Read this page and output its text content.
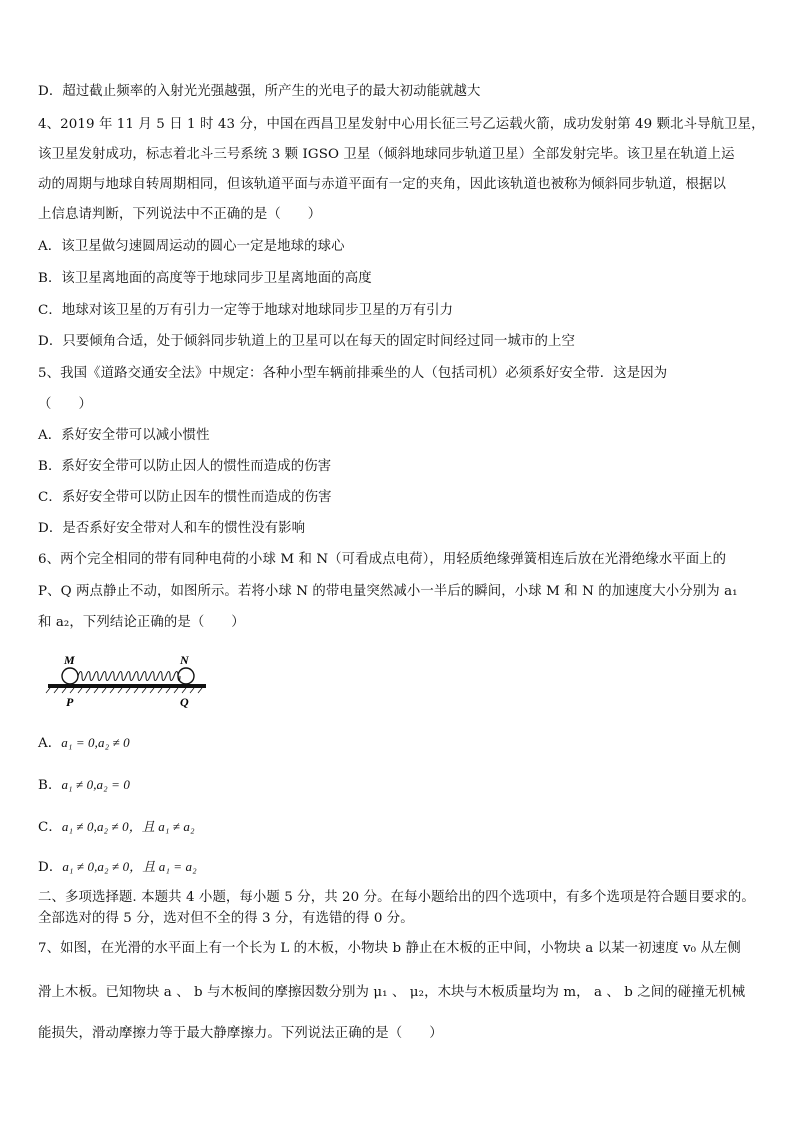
D．超过截止频率的入射光光强越强，所产生的光电子的最大初动能就越大
4、2019 年 11 月 5 日 1 时 43 分，中国在西昌卫星发射中心用长征三号乙运载火箭，成功发射第 49 颗北斗导航卫星，
该卫星发射成功，标志着北斗三号系统 3 颗 IGSO 卫星（倾斜地球同步轨道卫星）全部发射完毕。该卫星在轨道上运
动的周期与地球自转周期相同，但该轨道平面与赤道平面有一定的夹角，因此该轨道也被称为倾斜同步轨道，根据以
上信息请判断，下列说法中不正确的是（　　）
A．该卫星做匀速圆周运动的圆心一定是地球的球心
B．该卫星离地面的高度等于地球同步卫星离地面的高度
C．地球对该卫星的万有引力一定等于地球对地球同步卫星的万有引力
D．只要倾角合适，处于倾斜同步轨道上的卫星可以在每天的固定时间经过同一城市的上空
5、我国《道路交通安全法》中规定：各种小型车辆前排乘坐的人（包括司机）必须系好安全带．这是因为
（　　）
A．系好安全带可以减小惯性
B．系好安全带可以防止因人的惯性而造成的伤害
C．系好安全带可以防止因车的惯性而造成的伤害
D．是否系好安全带对人和车的惯性没有影响
6、两个完全相同的带有同种电荷的小球 M 和 N（可看成点电荷），用轻质绝缘弹簧相连后放在光滑绝缘水平面上的
P、Q 两点静止不动，如图所示。若将小球 N 的带电量突然减小一半后的瞬间，小球 M 和 N 的加速度大小分别为 a₁
和 a₂，下列结论正确的是（　　）
M	N
P	Q
A．a₁ = 0,a₂ ≠ 0
B．a₁ ≠ 0,a₂ = 0
C．a₁ ≠ 0,a₂ ≠ 0，且 a₁ ≠ a₂
D．a₁ ≠ 0,a₂ ≠ 0，且 a₁ = a₂
二、多项选择题. 本题共 4 小题，每小题 5 分，共 20 分。在每小题给出的四个选项中，有多个选项是符合题目要求的。
全部选对的得 5 分，选对但不全的得 3 分，有选错的得 0 分。
7、如图，在光滑的水平面上有一个长为 L 的木板，小物块 b 静止在木板的正中间，小物块 a 以某一初速度 v₀ 从左侧
滑上木板。已知物块 a 、 b 与木板间的摩擦因数分别为 μ₁ 、 μ₂，木块与木板质量均为 m， a 、 b 之间的碰撞无机械
能损失，滑动摩擦力等于最大静摩擦力。下列说法正确的是（　　）
